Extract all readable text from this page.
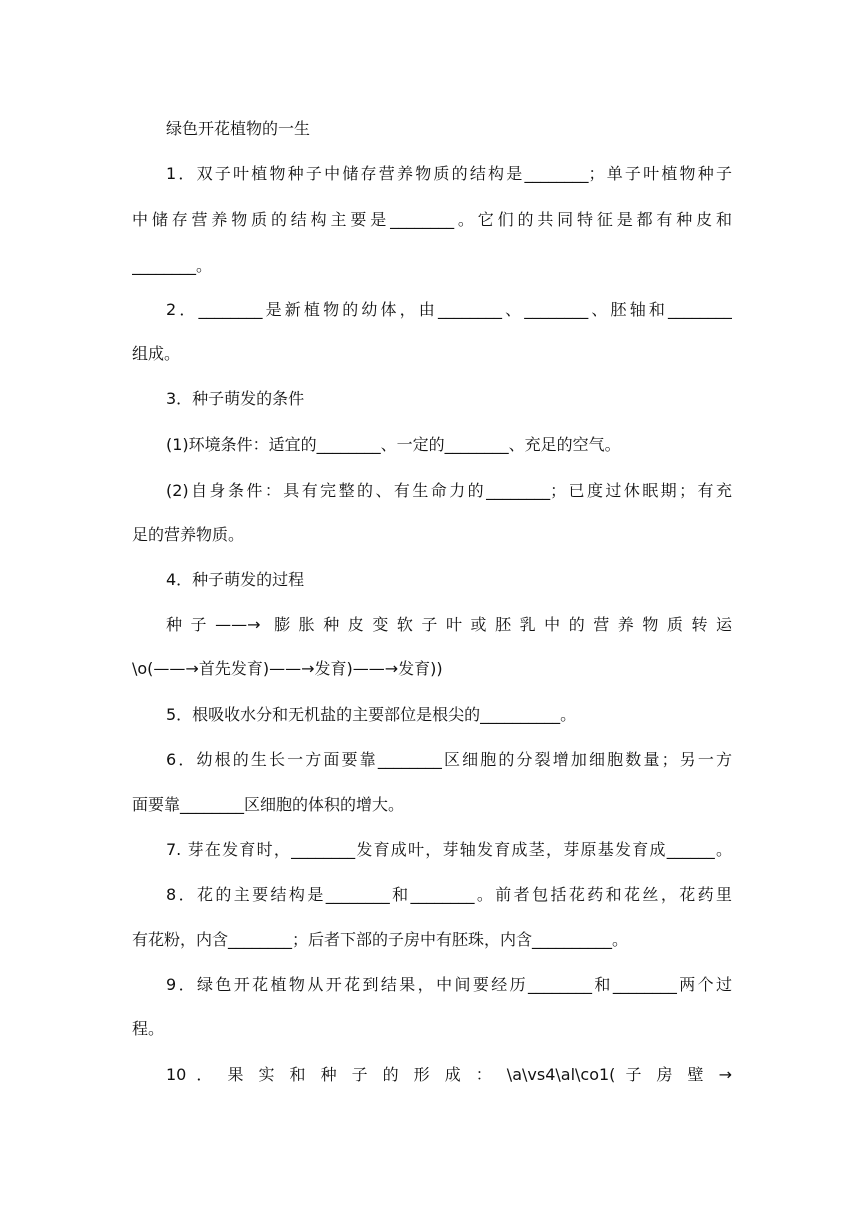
绿色开花植物的一生
1．双子叶植物种子中储存营养物质的结构是________；单子叶植物种子
中储存营养物质的结构主要是________。它们的共同特征是都有种皮和
________。
2．________是新植物的幼体，由________、________、胚轴和________
组成。
3．种子萌发的条件
(1)环境条件：适宜的________、一定的________、充足的空气。
(2)自身条件：具有完整的、有生命力的________；已度过休眠期；有充
足的营养物质。
4．种子萌发的过程
种子——→ 膨胀种皮变软子叶或胚乳中的营养物质转运
\o(——→首先发育)——→发育)——→发育))
5．根吸收水分和无机盐的主要部位是根尖的__________。
6．幼根的生长一方面要靠________区细胞的分裂增加细胞数量；另一方
面要靠________区细胞的体积的增大。
7. 芽在发育时，________发育成叶，芽轴发育成茎，芽原基发育成______。
8．花的主要结构是________和________。前者包括花药和花丝，花药里
有花粉，内含________；后者下部的子房中有胚珠，内含__________。
9．绿色开花植物从开花到结果，中间要经历________和________两个过
程。
10 ． 果 实 和 种 子 的 形 成 ： \a\vs4\al\co1( 子 房 壁 →
